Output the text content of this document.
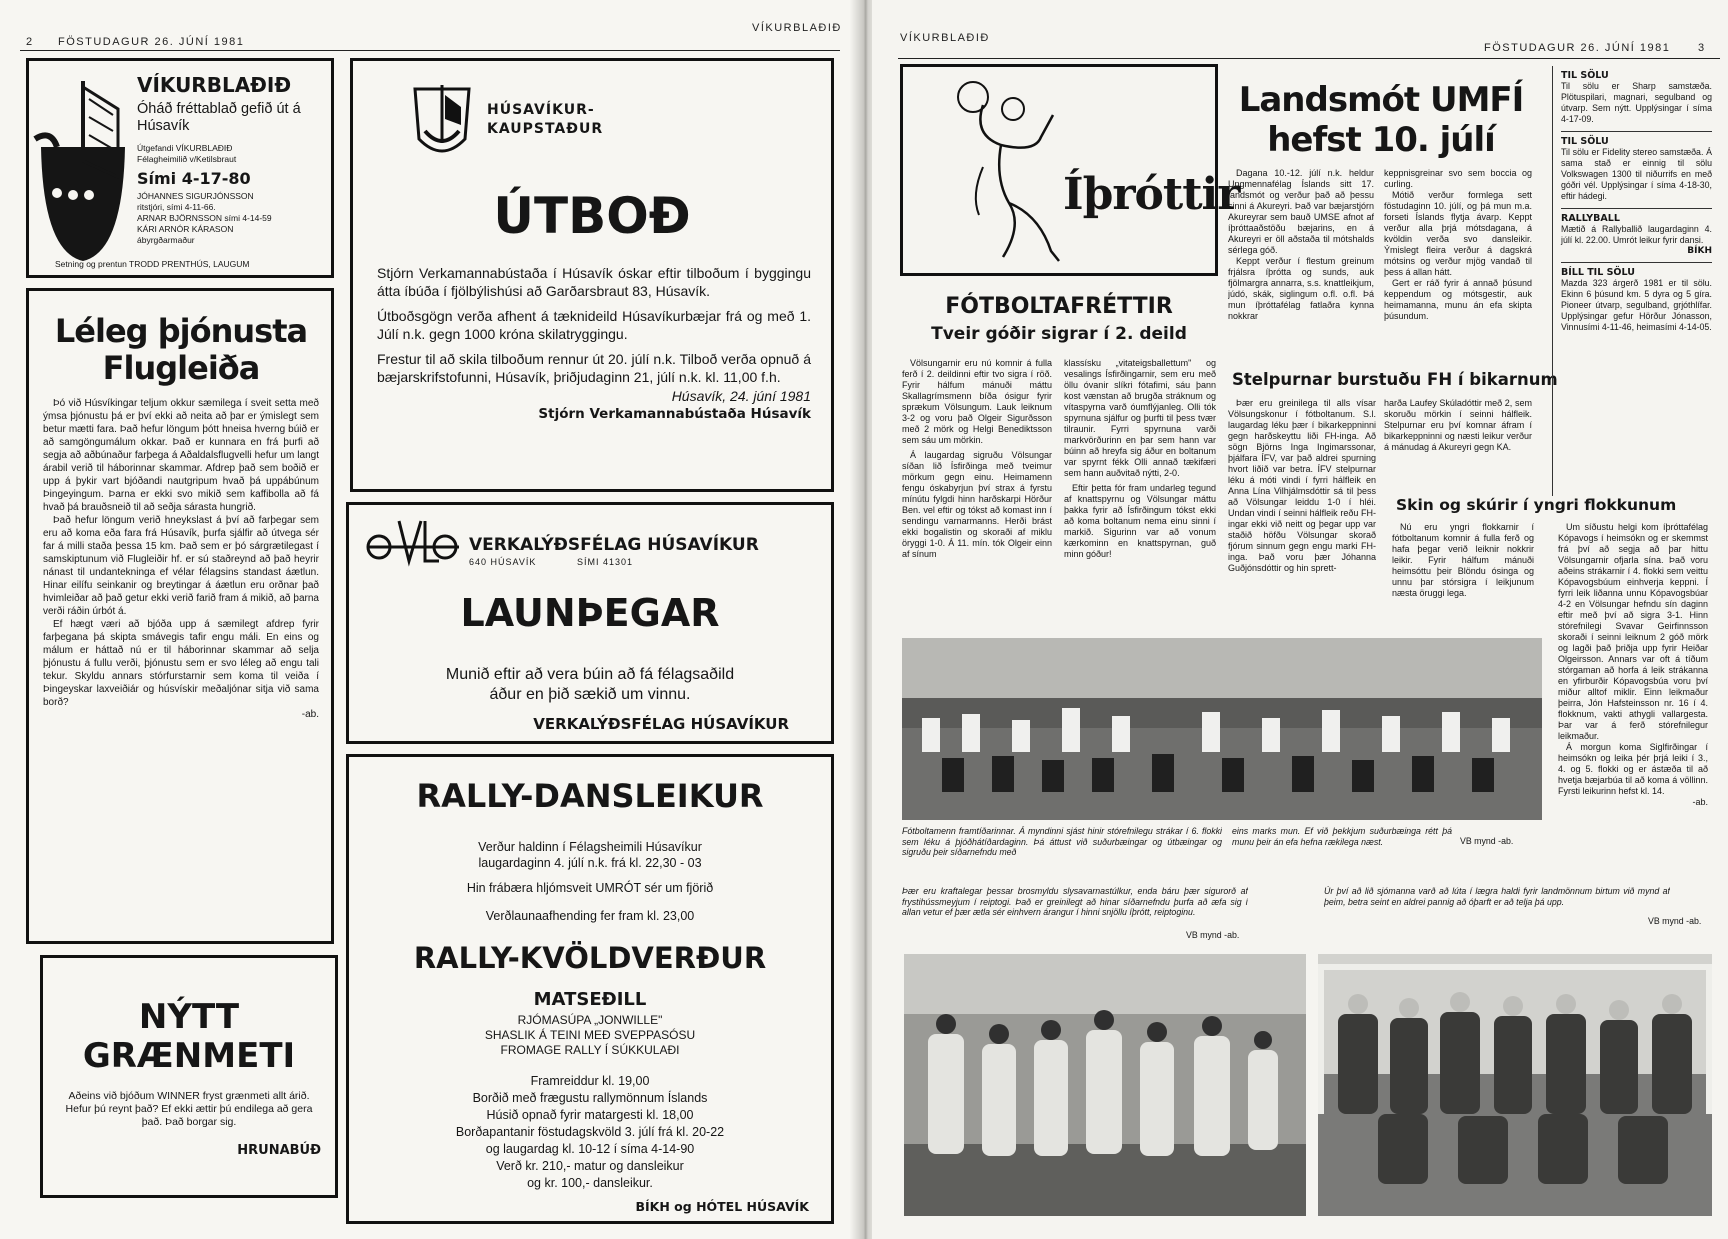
2 FÖSTUDAGUR 26. JÚNÍ 1981
VÍKURBLAÐIÐ
VÍKURBLAÐIÐ
Óháð fréttablað gefið út á Húsavík
Útgefandi VÍKURBLAÐIÐ
Félagheimilið v/Ketilsbraut
Sími 4-17-80
JÓHANNES SIGURJÓNSSON
ritstjóri, sími 4-11-66.
ARNAR BJÖRNSSON sími 4-14-59
KÁRI ARNÓR KÁRASON
ábyrgðarmaður
Setning og prentun TRODD PRENTHÚS, LAUGUM
Léleg þjónusta
Flugleiða

Þó við Húsvíkingar teljum okkur sæmilega í sveit setta með ýmsa þjónustu þá er því ekki að neita að þar er ýmislegt sem betur mætti fara. Það hefur löngum þótt hneisa hverng búið er að samgöngumálum okkar. Það er kunnara en frá þurfi að segja að aðbúnaður farþega á Aðaldalsflugvelli hefur um langt árabil verið til háborinnar skammar. Afdrep það sem boðið er upp á þykir vart bjóðandi nautgripum hvað þá uppábúnum Þingeyingum. Þarna er ekki svo mikið sem kaffibolla að fá hvað þá brauðsneið til að seðja sárasta hungrið.

Það hefur löngum verið hneykslast á því að farþegar sem eru að koma eða fara frá Húsavík, þurfa sjálfir að útvega sér far á milli staða þessa 15 km. Það sem er þó sárgrætilegast í samskiptunum við Flugleiðir hf. er sú staðreynd að það heyrir nánast til undantekninga ef vélar félagsins standast áætlun. Hinar eilífu seinkanir og breytingar á áætlun eru orðnar það hvimleiðar að það getur ekki verið farið fram á mikið, að þarna verði ráðin úrbót á.

Ef hægt væri að bjóða upp á sæmilegt afdrep fyrir farþegana þá skipta smávegis tafir engu máli. En eins og málum er háttað nú er til háborinnar skammar að selja þjónustu á fullu verði, þjónustu sem er svo léleg að engu tali tekur. Skyldu annars stórfurstarnir sem koma til veiða í Þingeyskar laxveiðiár og húsvískir meðaljónar sitja við sama borð?

-ab.
NÝTT
GRÆNMETI
Aðeins við bjóðum WINNER fryst grænmeti allt árið. Hefur þú reynt það? Ef ekki ættir þú endilega að gera það. Það borgar sig.
HRUNABÚÐ
HÚSAVÍKUR-
KAUPSTAÐUR
ÚTBOÐ

Stjórn Verkamannabústaða í Húsavík óskar eftir tilboðum í byggingu átta íbúða í fjölbýlishúsi að Garðarsbraut 83, Húsavík.

Útboðsgögn verða afhent á tæknideild Húsavíkurbæjar frá og með 1. Júlí n.k. gegn 1000 króna skilatryggingu.

Frestur til að skila tilboðum rennur út 20. júlí n.k. Tilboð verða opnuð á bæjarskrifstofunni, Húsavík, þriðjudaginn 21, júlí n.k. kl. 11,00 f.h.

Húsavík, 24. júní 1981
Stjórn Verkamannabústaða Húsavík
VERKALÝÐSFÉLAG HÚSAVÍKUR
640 HÚSAVÍK	SÍMI 41301
LAUNÞEGAR
Munið eftir að vera búin að fá félagsaðild
áður en þið sækið um vinnu.
VERKALÝÐSFÉLAG HÚSAVÍKUR
RALLY-DANSLEIKUR
Verður haldinn í Félagsheimili Húsavíkur
laugardaginn 4. júlí n.k. frá kl. 22,30 - 03
Hin frábæra hljómsveit UMRÓT sér um fjörið
Verðlaunaafhending fer fram kl. 23,00
RALLY-KVÖLDVERÐUR
MATSEÐILL
RJÓMASÚPA „JONWILLE"
SHASLIK Á TEINI MEÐ SVEPPASÓSU
FROMAGE RALLY Í SÚKKULAÐI
Framreiddur kl. 19,00
Borðið með frægustu rallymönnum Íslands
Húsið opnað fyrir matargesti kl. 18,00
Borðapantanir föstudagskvöld 3. júlí frá kl. 20-22
og laugardag kl. 10-12 í síma 4-14-90
Verð kr. 210,- matur og dansleikur
og kr. 100,- dansleikur.
BÍKH og HÓTEL HÚSAVÍK
VÍKURBLAÐIÐ
FÖSTUDAGUR 26. JÚNÍ 1981	3
Íþróttir
FÓTBOLTAFRÉTTIR
Tveir góðir sigrar í 2. deild

Völsungarnir eru nú komnir á fulla ferð í 2. deildinni eftir tvo sigra í röð. Fyrir hálfum mánuði máttu Skallagrímsmenn bíða ósigur fyrir sprækum Völsungum. Lauk leiknum 3-2 og voru það Olgeir Sigurðsson með 2 mörk og Helgi Benediktsson sem sáu um mörkin.

Á laugardag sigruðu Völsungar síðan lið Ísfirðinga með tveimur mörkum gegn einu. Heimamenn fengu óskabyrjun því strax á fyrstu mínútu fylgdi hinn harðskarpi Hörður Ben. vel eftir og tókst að komast inn í sendingu varnarmanns. Herði brást ekki bogalistin og skoraði af miklu öryggi 1-0. Á 11. mín. tók Olgeir einn af sínum

klassísku „vitateigsballettum" og vesalings Ísfirðingarnir, sem eru með öllu óvanir slíkri fótafimi, sáu þann kost vænstan að brugða stráknum og vítaspyrna varð óumflýjanleg. Olli tók spyrnuna sjálfur og þurfti til þess tvær tilraunir. Fyrri spyrnuna varði markvörðurinn en þar sem hann var búinn að hreyfa sig áður en boltanum var spyrnt fékk Olli annað tækifæri sem hann auðvitað nýtti, 2-0.

Eftir þetta fór fram undarleg tegund af knattspyrnu og Völsungar máttu þakka fyrir að Ísfirðingum tókst ekki að koma boltanum nema einu sinni í markið. Sigurinn var að vonum kærkominn en knattspyrnan, guð minn góður!

Landsmót UMFÍ
hefst 10. júlí

Dagana 10.-12. júlí n.k. heldur Ungmennafélag Íslands sitt 17. landsmót og verður það að þessu sinni á Akureyri. Það var bæjarstjórn Akureyrar sem bauð UMSE afnot af íþróttaaðstöðu bæjarins, en á Akureyri er öll aðstaða til mótshalds sérlega góð.

Keppt verður í flestum greinum frjálsra íþrótta og sunds, auk fjölmargra annarra, s.s. knattleikjum, júdó, skák, siglingum o.fl. o.fl. Þá mun íþróttafélag fatlaðra kynna nokkrar

keppnisgreinar svo sem boccia og curling.

Mótið verður formlega sett föstudaginn 10. júlí, og þá mun m.a. forseti Íslands flytja ávarp. Keppt verður alla þrjá mótsdagana, á kvöldin verða svo dansleikir. Ýmislegt fleira verður á dagskrá mótsins og verður mjög vandað til þess á allan hátt.

Gert er ráð fyrir á annað þúsund keppendum og mótsgestir, auk heimamanna, munu án efa skipta þúsundum.

Stelpurnar burstuðu FH í bikarnum

Þær eru greinilega til alls vísar Völsungskonur í fótboltanum. S.l. laugardag léku þær í bikarkeppninni gegn harðskeyttu liði FH-inga. Að sögn Björns Inga Ingimarssonar, þjálfara ÍFV, var það aldrei spurning hvort liðið var betra. ÍFV stelpurnar léku á móti vindi í fyrri hálfleik en Anna Lína Vilhjálmsdóttir sá til þess að Völsungar leiddu 1-0 í hléi. Undan vindi í seinni hálfleik reðu FH-ingar ekki við neitt og þegar upp var staðið höfðu Völsungar skorað fjórum sinnum gegn engu marki FH-inga. Það voru þær Jóhanna Guðjónsdóttir og hin sprett-

harða Laufey Skúladóttir með 2, sem skoruðu mörkin í seinni hálfleik. Stelpurnar eru því komnar áfram í bikarkeppninni og næsti leikur verður á mánudag á Akureyri gegn KA.

Skin og skúrir í yngri flokkunum

Nú eru yngri flokkarnir í fótboltanum komnir á fulla ferð og hafa þegar verið leiknir nokkrir leikir. Fyrir hálfum mánuði heimsóttu þeir Blöndu ósinga og unnu þar stórsigra í leikjunum næsta öruggi lega.

Um síðustu helgi kom íþróttafélag Kópavogs í heimsókn og er skemmst frá því að segja að þar hittu Völsungarnir ofjarla sína. Það voru aðeins strákarnir í 4. flokki sem veittu Kópavogsbúum einhverja keppni. Í fyrri leik liðanna unnu Kópavogsbúar 4-2 en Völsungar hefndu sín daginn eftir með því að sigra 3-1. Hinn stórefnilegi Svavar Geirfinnsson skoraði í seinni leiknum 2 góð mörk og lagði það þriðja upp fyrir Heiðar Olgeirsson. Annars var oft á tíðum stórgaman að horfa á leik strákanna en yfirburðir Kópavogsbúa voru því miður alltof miklir. Einn leikmaður þeirra, Jón Hafsteinsson nr. 16 í 4. flokknum, vakti athygli vallargesta. Þar var á ferð stórefnilegur leikmaður.

Á morgun koma Siglfirðingar í heimsókn og leika þér þrjá leiki í 3., 4. og 5. flokki og er ástæða til að hvetja bæjarbúa til að koma á völlinn. Fyrsti leikurinn hefst kl. 14.

-ab.
TIL SÖLU
Til sölu er Sharp samstæða. Plötuspilari, magnari, segulband og útvarp. Sem nýtt. Upplýsingar í síma 4-17-09.
TIL SÖLU
Til sölu er Fidelity stereo samstæða. Á sama stað er einnig til sölu Volkswagen 1300 til niðurrifs en með góðri vél. Upplýsingar í síma 4-18-30, eftir hádegi.
RALLYBALL
Mætið á Rallyballið laugardaginn 4. júlí kl. 22.00. Umrót leikur fyrir dansi.
BÍKH
BÍLL TIL SÖLU
Mazda 323 árgerð 1981 er til sölu. Ekinn 6 þúsund km. 5 dyra og 5 gíra. Pioneer útvarp, segulband, grjóthlífar. Upplýsingar gefur Hörður Jónasson, Vinnusími 4-11-46, heimasími 4-14-05.
Fótboltamenn framtíðarinnar. Á myndinni sjást hinir stórefnilegu strákar í 6. flokki sem léku á þjóðhátíðardaginn. Þá áttust við suðurbæingar og útbæingar og sigruðu þeir síðarnefndu með
eins marks mun. Ef við þekkjum suðurbæinga rétt þá munu þeir án efa hefna rækilega næst.	VB mynd -ab.
Þær eru kraftalegar þessar brosmyldu slysavarnastúlkur, enda báru þær sigurorð af frystihússmeyjum í reiptogi. Það er greinilegt að hinar síðarnefndu þurfa að æfa sig í allan vetur ef þær ætla sér einhvern árangur í hinni snjöllu íþrótt, reiptoginu.
VB mynd -ab.
Úr því að lið sjómanna varð að lúta í lægra haldi fyrir landmönnum birtum við mynd af þeim, betra seint en aldrei pannig að óþarft er að telja þá upp.
VB mynd -ab.
